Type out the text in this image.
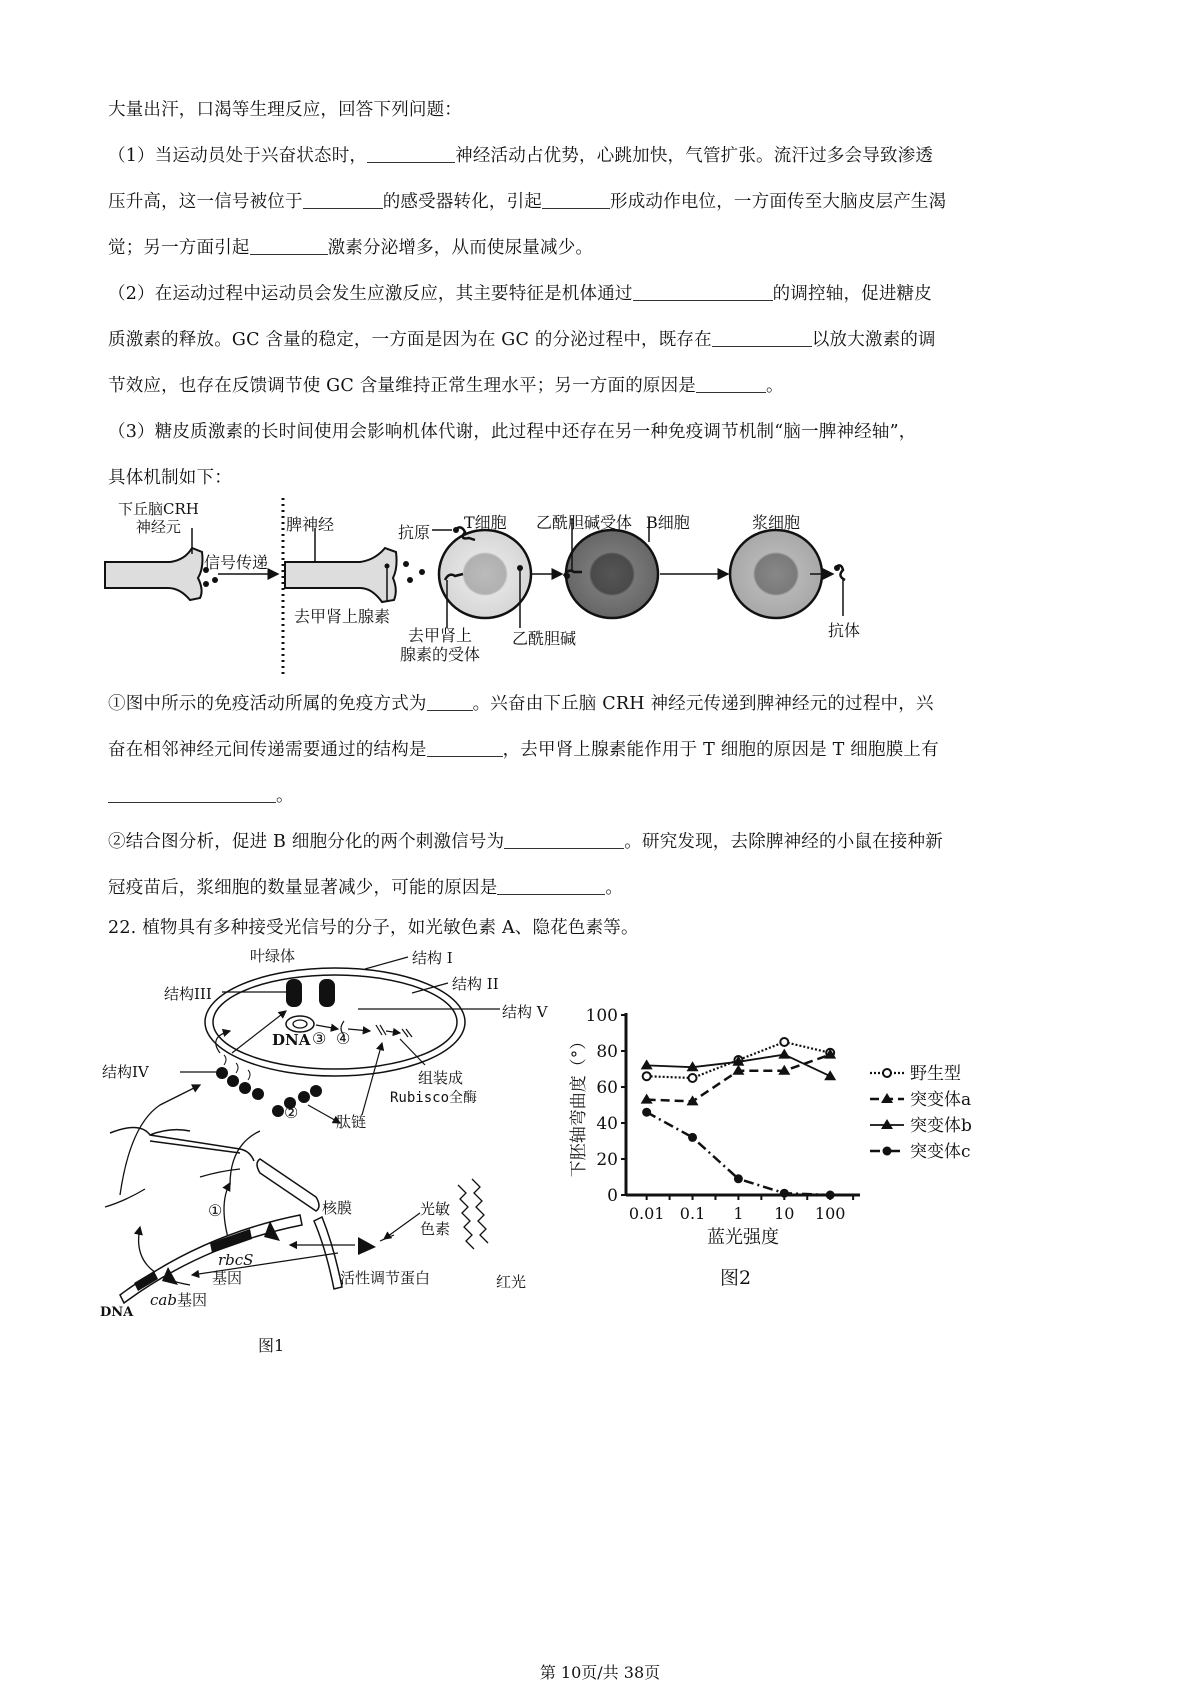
大量出汗，口渴等生理反应，回答下列问题：
（1）当运动员处于兴奋状态时，	神经活动占优势，心跳加快，气管扩张。流汗过多会导致渗透
压升高，这一信号被位于	的感受器转化，引起	形成动作电位，一方面传至大脑皮层产生渴
觉；另一方面引起	激素分泌增多，从而使尿量减少。
（2）在运动过程中运动员会发生应激反应，其主要特征是机体通过	的调控轴，促进糖皮
质激素的释放。GC 含量的稳定，一方面是因为在 GC 的分泌过程中，既存在	以放大激素的调
节效应，也存在反馈调节使 GC 含量维持正常生理水平；另一方面的原因是	。
（3）糖皮质激素的长时间使用会影响机体代谢，此过程中还存在另一种免疫调节机制“脑一脾神经轴”，
具体机制如下：
下丘脑CRH
神经元
信号传递
脾神经
去甲肾上腺素
抗原
T细胞 乙酰胆碱受体 B细胞	浆细胞
去甲肾上
腺素的受体
乙酰胆碱	抗体
①图中所示的免疫活动所属的免疫方式为	。兴奋由下丘脑 CRH 神经元传递到脾神经元的过程中，兴
奋在相邻神经元间传递需要通过的结构是	，去甲肾上腺素能作用于 T 细胞的原因是 T 细胞膜上有
。
②结合图分析，促进 B 细胞分化的两个刺激信号为	。研究发现，去除脾神经的小鼠在接种新
冠疫苗后，浆细胞的数量显著减少，可能的原因是	。
22. 植物具有多种接受光信号的分子，如光敏色素 A、隐花色素等。
叶绿体	结构 I
结构 II
结构III
结构 V
结构IV
DNA ③ ④
组装成
Rubisco全酶
②	肽链
①	核膜	光敏
色素
rbcS
基因	活性调节蛋白	红光
cab基因
DNA
图1
0
20
40
60
80
100
0.01 0.1 1 10 100
蓝光强度
下胚轴弯曲度（°）	野生型
突变体a
突变体b
突变体c
图2
第 10页/共 38页
